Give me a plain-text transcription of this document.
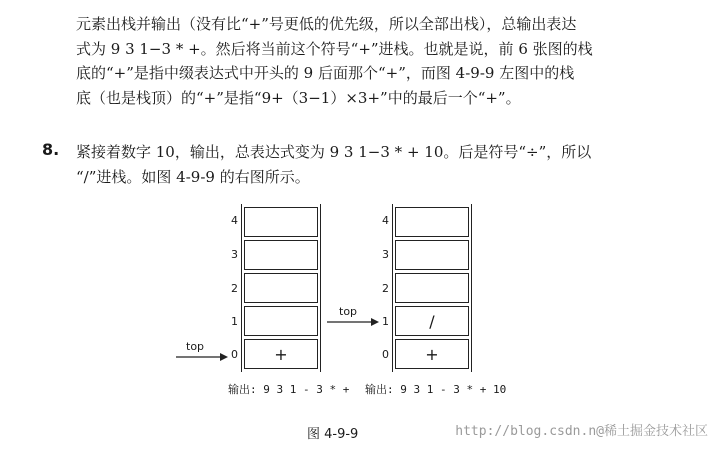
元素出栈并输出（没有比“+”号更低的优先级，所以全部出栈），总输出表达
式为 9 3 1−3 * +。然后将当前这个符号“+”进栈。也就是说，前 6 张图的栈
底的“+”是指中缀表达式中开头的 9 后面那个“+”，而图 4-9-9 左图中的栈
底（也是栈顶）的“+”是指“9+（3−1）×3+”中的最后一个“+”。
8. 紧接着数字 10，输出，总表达式变为 9 3 1−3 * + 10。后是符号“÷”，所以
“/”进栈。如图 4-9-9 的右图所示。
4
3
2
1
0	+
top
输出: 9 3 1 - 3 * +
4
3
2
1
0
/
+
top
输出: 9 3 1 - 3 * + 10
图 4-9-9	http://blog.csdn.n@稀土掘金技术社区
